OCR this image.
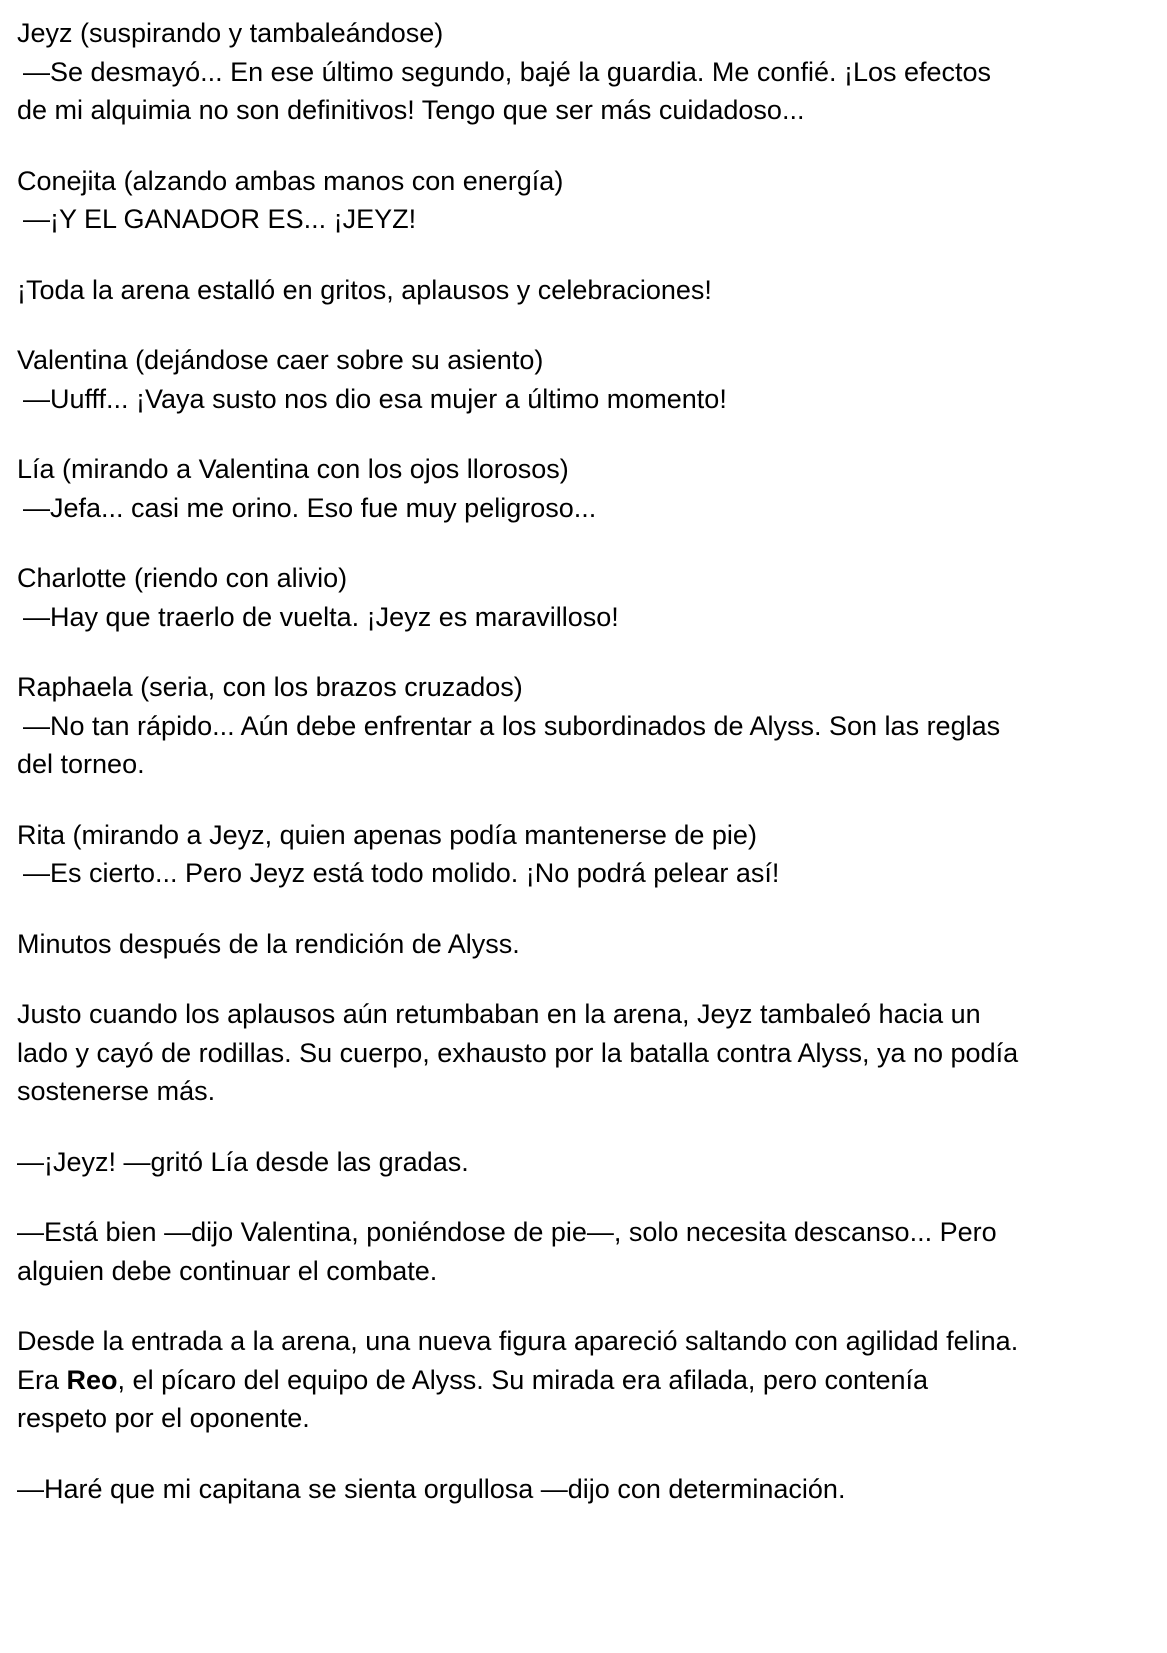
Jeyz (suspirando y tambaleándose)
—Se desmayó... En ese último segundo, bajé la guardia. Me confié. ¡Los efectos
de mi alquimia no son definitivos! Tengo que ser más cuidadoso...
Conejita (alzando ambas manos con energía)
—¡Y EL GANADOR ES... ¡JEYZ!
¡Toda la arena estalló en gritos, aplausos y celebraciones!
Valentina (dejándose caer sobre su asiento)
—Uufff... ¡Vaya susto nos dio esa mujer a último momento!
Lía (mirando a Valentina con los ojos llorosos)
—Jefa... casi me orino. Eso fue muy peligroso...
Charlotte (riendo con alivio)
—Hay que traerlo de vuelta. ¡Jeyz es maravilloso!
Raphaela (seria, con los brazos cruzados)
—No tan rápido... Aún debe enfrentar a los subordinados de Alyss. Son las reglas
del torneo.
Rita (mirando a Jeyz, quien apenas podía mantenerse de pie)
—Es cierto... Pero Jeyz está todo molido. ¡No podrá pelear así!
Minutos después de la rendición de Alyss.
Justo cuando los aplausos aún retumbaban en la arena, Jeyz tambaleó hacia un
lado y cayó de rodillas. Su cuerpo, exhausto por la batalla contra Alyss, ya no podía
sostenerse más.
—¡Jeyz! —gritó Lía desde las gradas.
—Está bien —dijo Valentina, poniéndose de pie—, solo necesita descanso... Pero
alguien debe continuar el combate.
Desde la entrada a la arena, una nueva figura apareció saltando con agilidad felina.
Era Reo, el pícaro del equipo de Alyss. Su mirada era afilada, pero contenía
respeto por el oponente.
—Haré que mi capitana se sienta orgullosa —dijo con determinación.
